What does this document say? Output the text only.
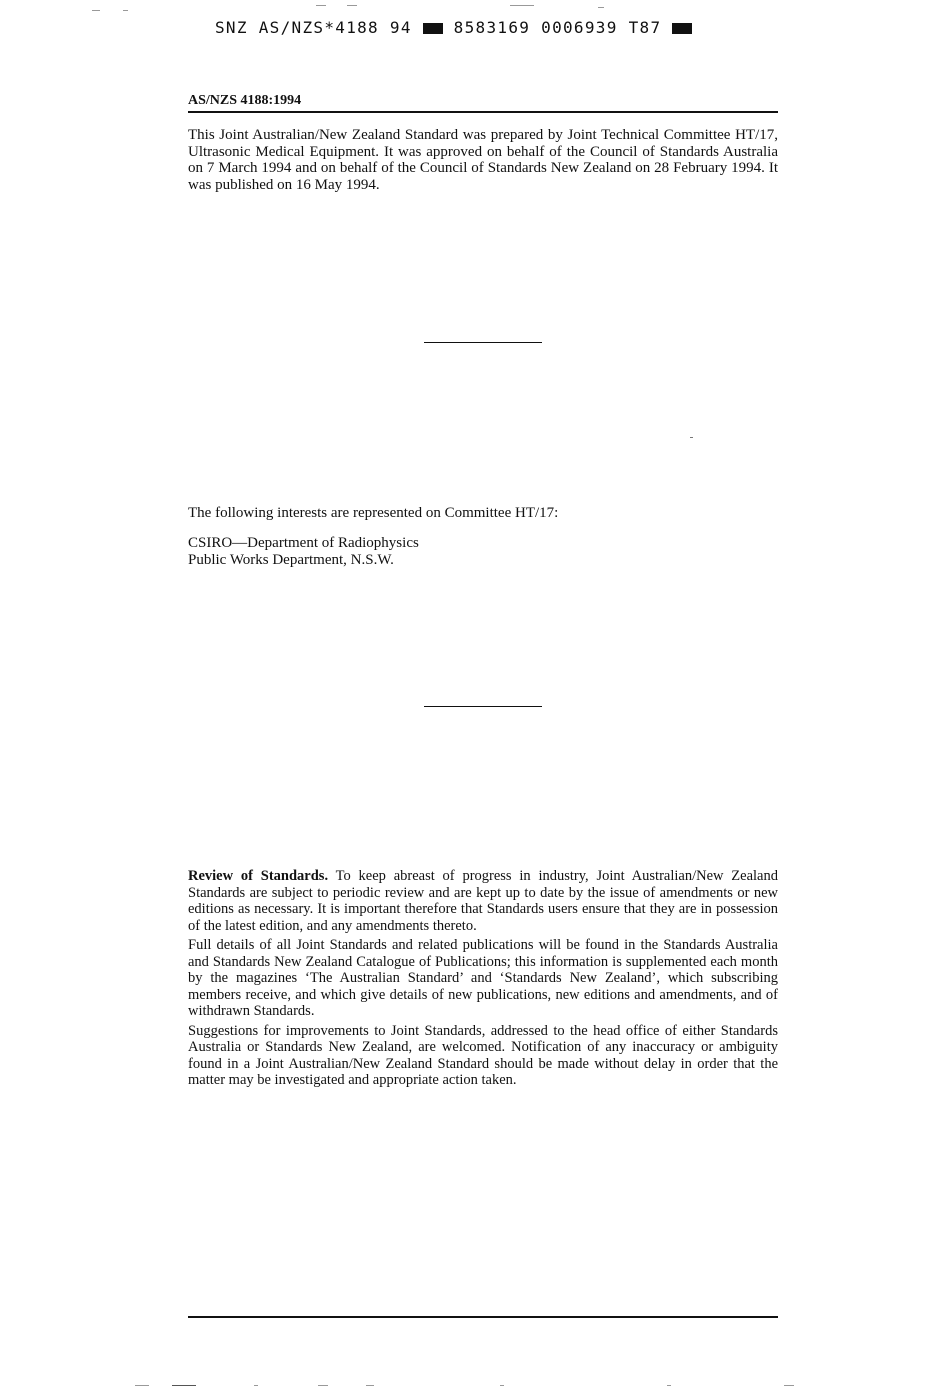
SNZ AS/NZS*4188 94	8583169 0006939 T87
AS/NZS 4188:1994
This Joint Australian/New Zealand Standard was prepared by Joint Technical Committee HT/17, Ultrasonic Medical Equipment. It was approved on behalf of the Council of Standards Australia on 7 March 1994 and on behalf of the Council of Standards New Zealand on 28 February 1994. It was published on 16 May 1994.
The following interests are represented on Committee HT/17:
CSIRO—Department of Radiophysics
Public Works Department, N.S.W.

Review of Standards. To keep abreast of progress in industry, Joint Australian/New Zealand Standards are subject to periodic review and are kept up to date by the issue of amendments or new editions as necessary. It is important therefore that Standards users ensure that they are in possession of the latest edition, and any amendments thereto.

Full details of all Joint Standards and related publications will be found in the Standards Australia and Standards New Zealand Catalogue of Publications; this information is supplemented each month by the magazines ‘The Australian Standard’ and ‘Standards New Zealand’, which subscribing members receive, and which give details of new publications, new editions and amendments, and of withdrawn Standards.

Suggestions for improvements to Joint Standards, addressed to the head office of either Standards Australia or Standards New Zealand, are welcomed. Notification of any inaccuracy or ambiguity found in a Joint Australian/New Zealand Standard should be made without delay in order that the matter may be investigated and appropriate action taken.
